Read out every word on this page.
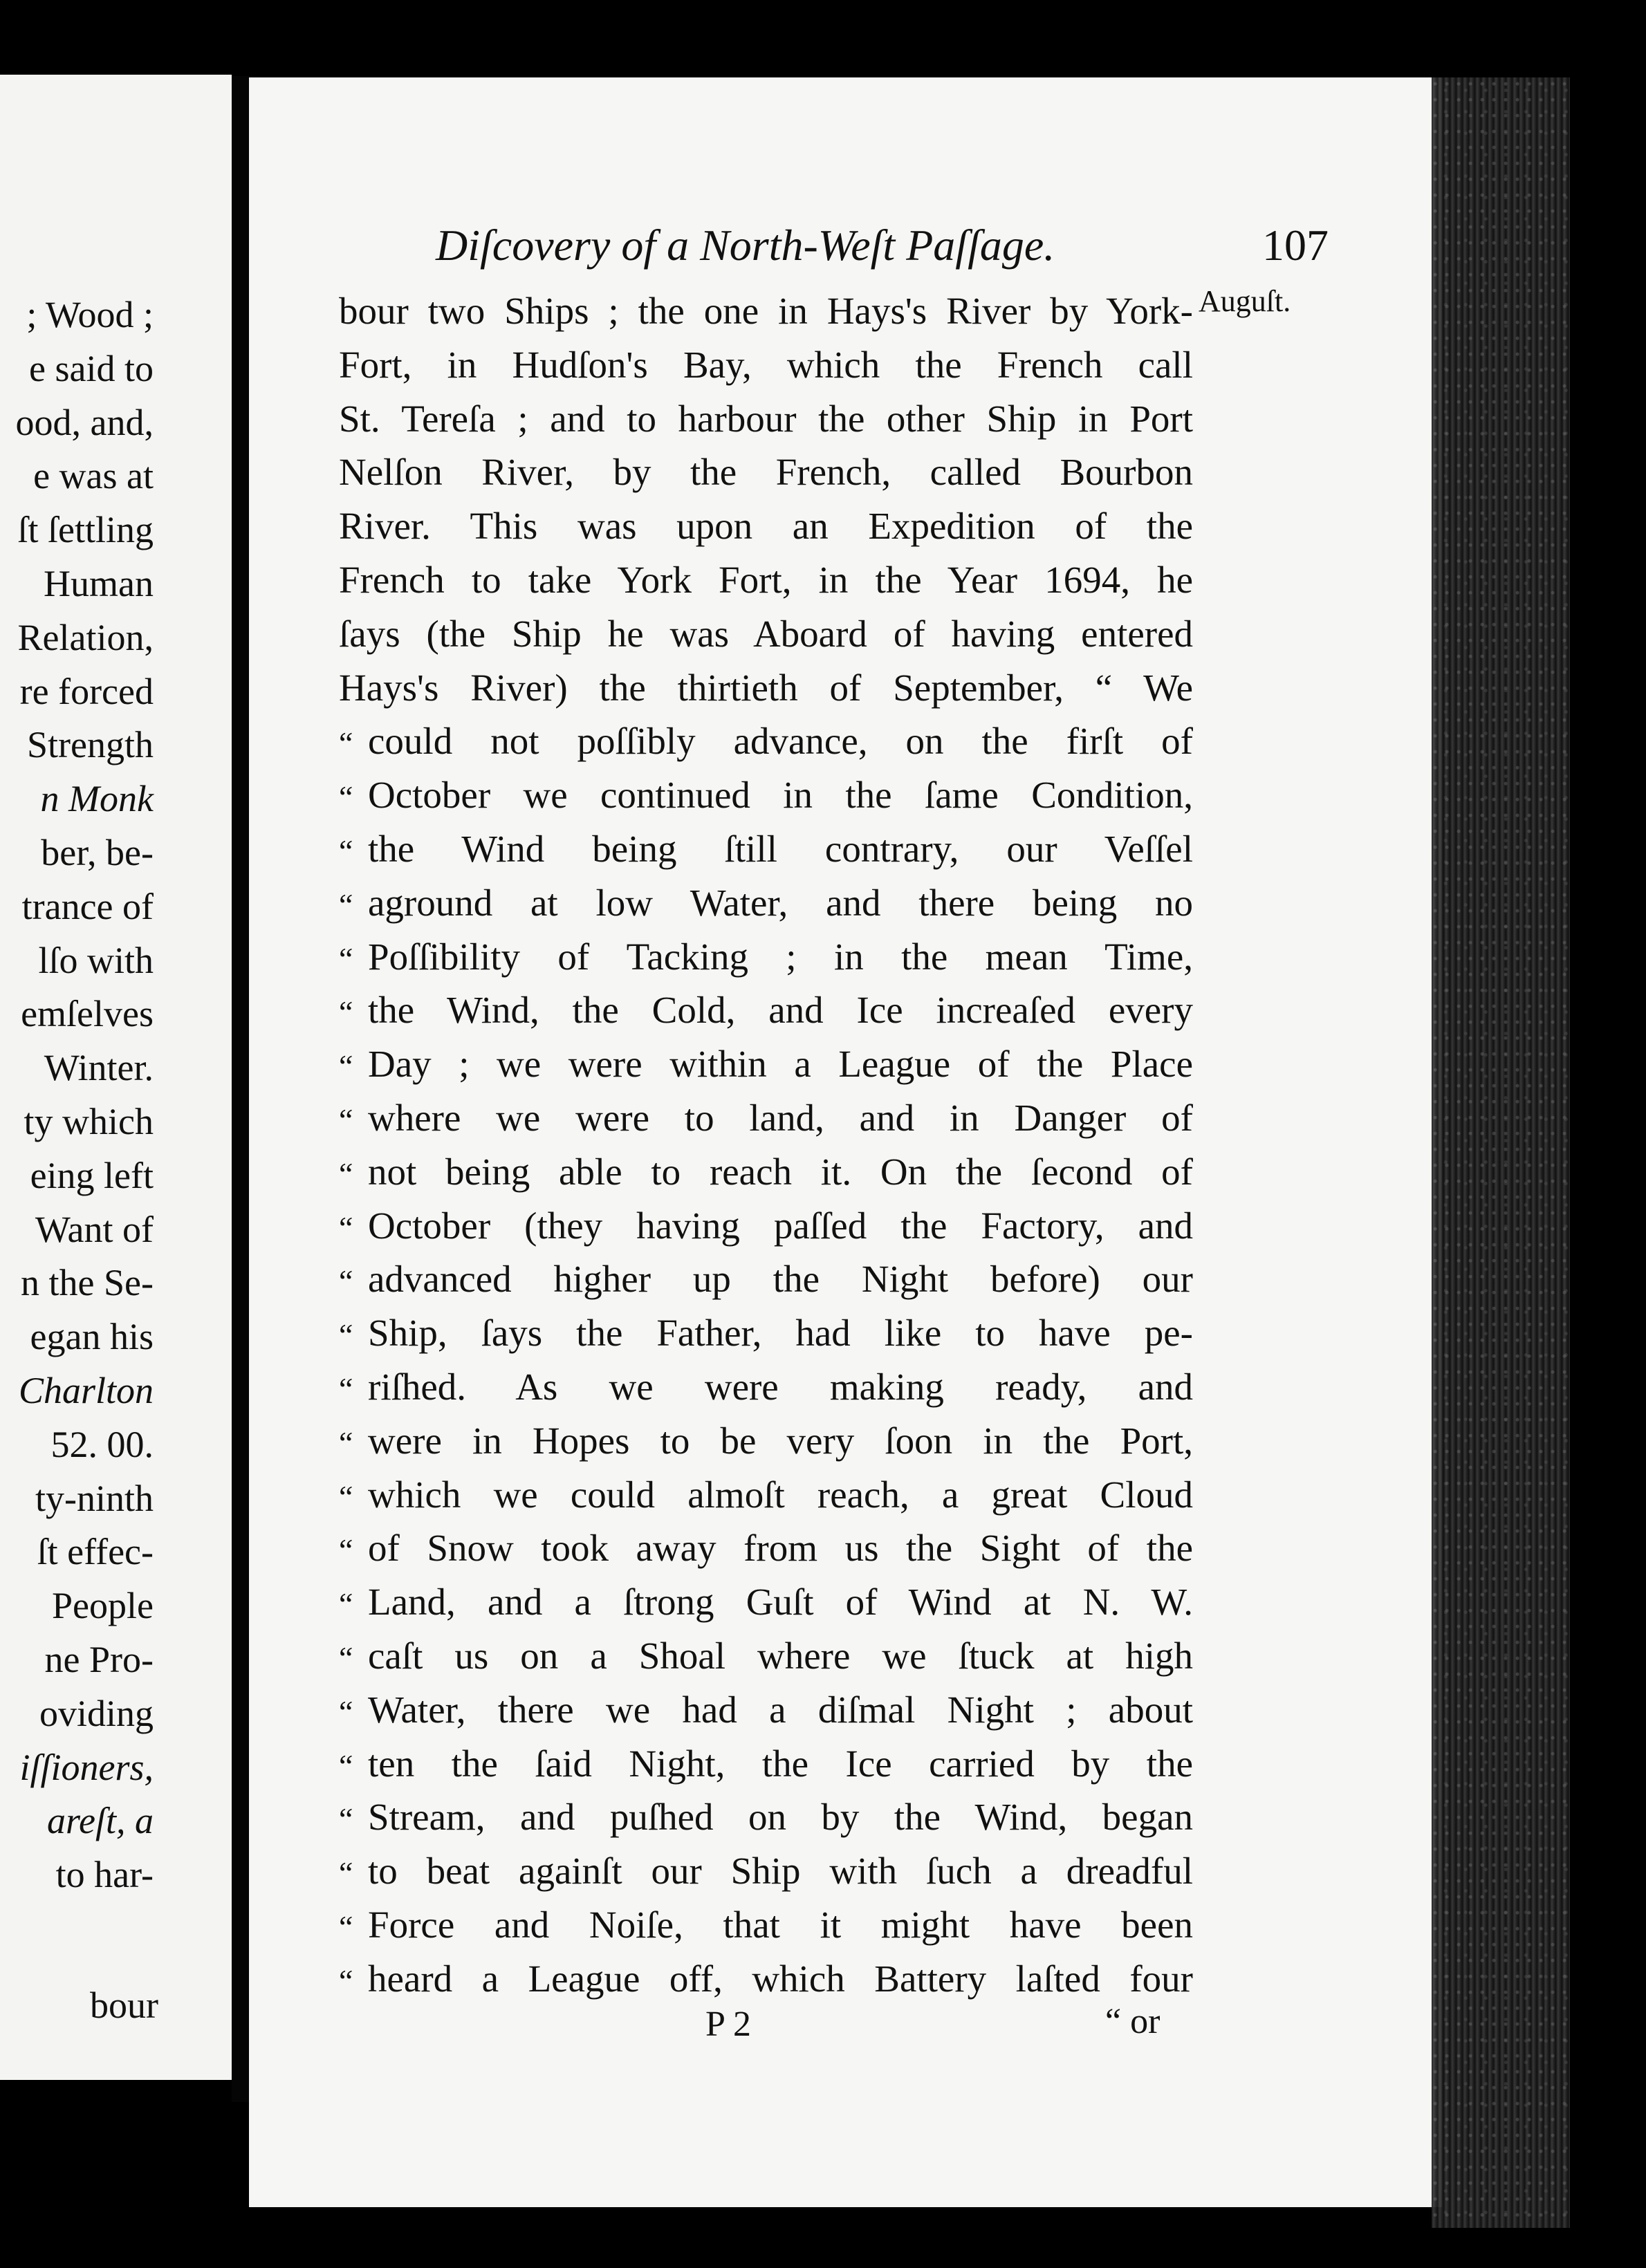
; Wood ;
e said to
ood, and,
e was at
ſt ſettling
Human
Relation,
re forced
Strength
n Monk
ber, be-
trance of
lſo with
emſelves
Winter.
ty which
eing left
Want of
n the Se-
egan his
Charlton
52. 00.
ty-ninth
ſt effec-
People
ne Pro-
oviding
iſſioners,
areſt, a
to har-
bour
Diſcovery of a North-Weſt Paſſage.	107
Auguſt.
bour two Ships ; the one in Hays's River by York-
Fort, in Hudſon's Bay, which the French call
St. Tereſa ; and to harbour the other Ship in Port
Nelſon River, by the French, called Bourbon
River. This was upon an Expedition of the
French to take York Fort, in the Year 1694, he
ſays (the Ship he was Aboard of having entered
Hays's River) the thirtieth of September, “ We
“ could not poſſibly advance, on the firſt of
“ October we continued in the ſame Condition,
“ the Wind being ſtill contrary, our Veſſel
“ aground at low Water, and there being no
“ Poſſibility of Tacking ; in the mean Time,
“ the Wind, the Cold, and Ice increaſed every
“ Day ; we were within a League of the Place
“ where we were to land, and in Danger of
“ not being able to reach it. On the ſecond of
“ October (they having paſſed the Factory, and
“ advanced higher up the Night before) our
“ Ship, ſays the Father, had like to have pe-
“ riſhed. As we were making ready, and
“ were in Hopes to be very ſoon in the Port,
“ which we could almoſt reach, a great Cloud
“ of Snow took away from us the Sight of the
“ Land, and a ſtrong Guſt of Wind at N. W.
“ caſt us on a Shoal where we ſtuck at high
“ Water, there we had a diſmal Night ; about
“ ten the ſaid Night, the Ice carried by the
“ Stream, and puſhed on by the Wind, began
“ to beat againſt our Ship with ſuch a dreadful
“ Force and Noiſe, that it might have been
“ heard a League off, which Battery laſted four
P 2	“ or
